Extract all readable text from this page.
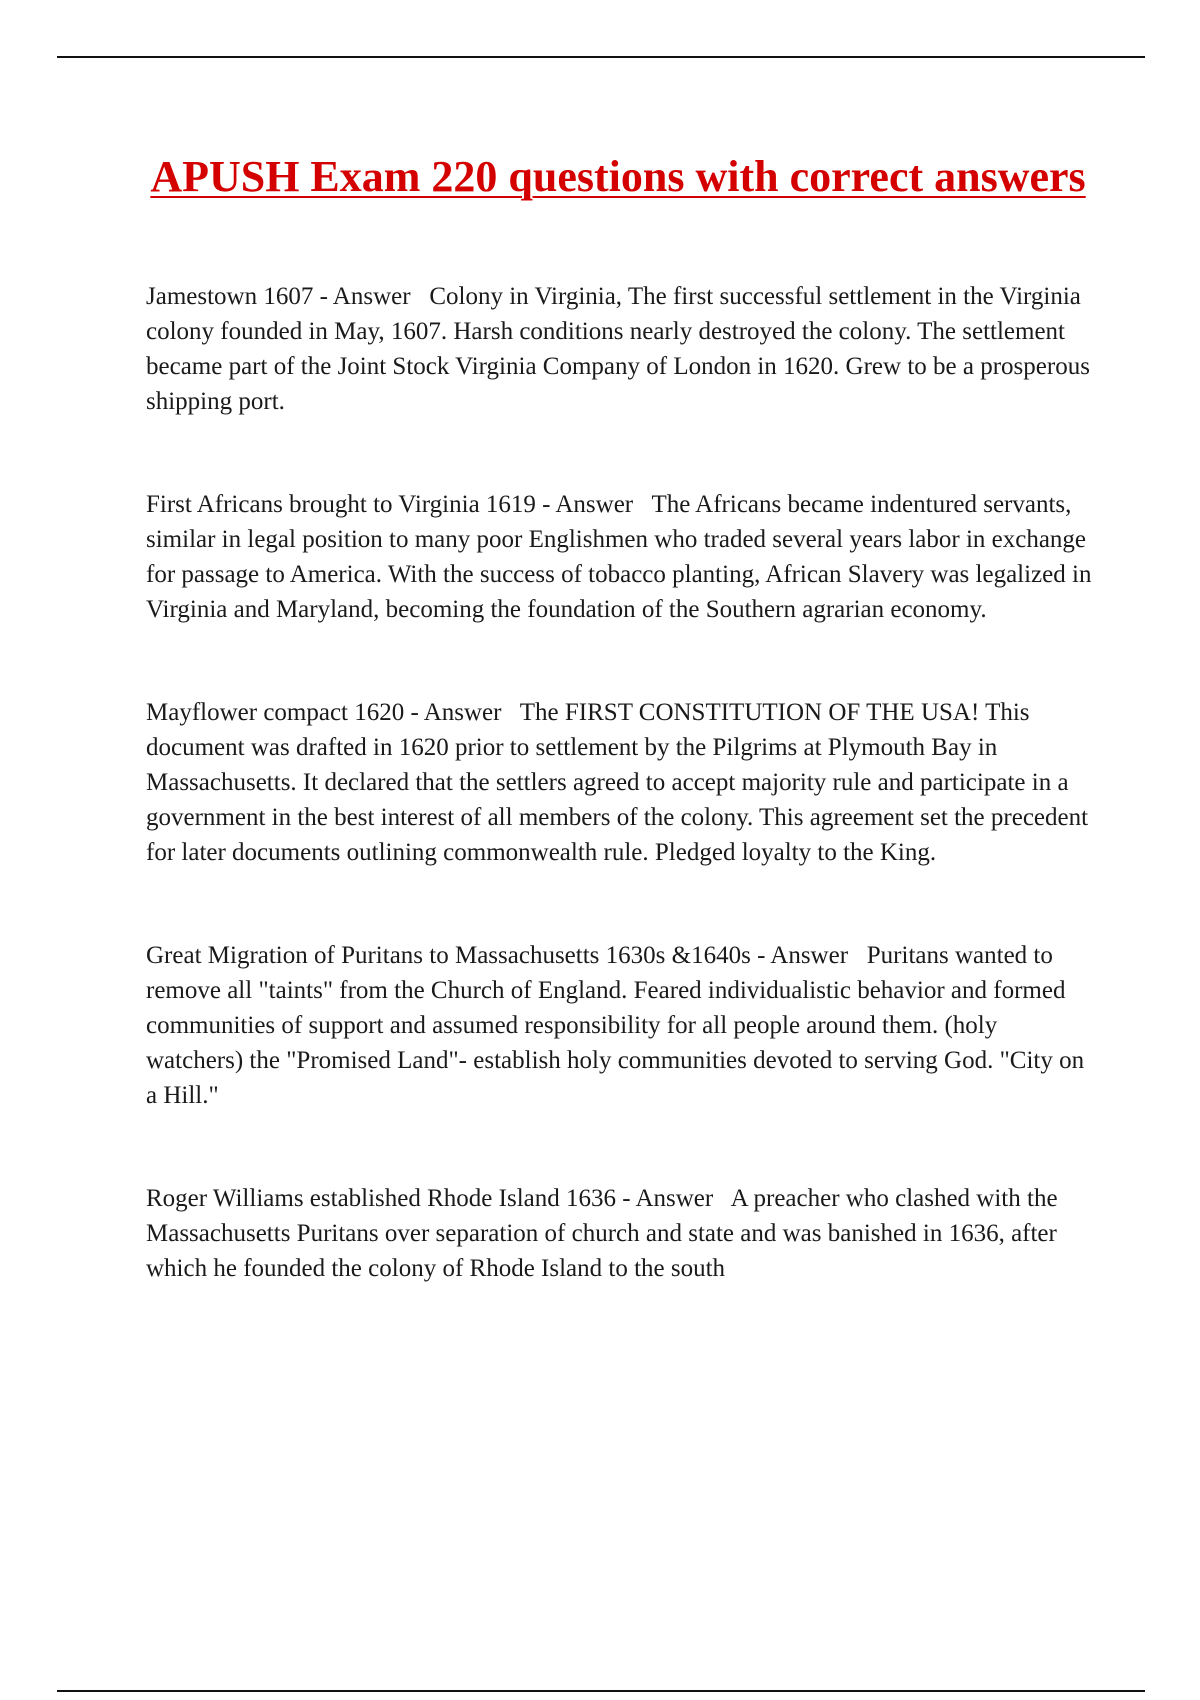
APUSH Exam 220 questions with correct answers

Jamestown 1607 - Answer   Colony in Virginia, The first successful settlement in the Virginia colony founded in May, 1607. Harsh conditions nearly destroyed the colony. The settlement became part of the Joint Stock Virginia Company of London in 1620. Grew to be a prosperous shipping port.

First Africans brought to Virginia 1619 - Answer   The Africans became indentured servants, similar in legal position to many poor Englishmen who traded several years labor in exchange for passage to America. With the success of tobacco planting, African Slavery was legalized in Virginia and Maryland, becoming the foundation of the Southern agrarian economy.

Mayflower compact 1620 - Answer   The FIRST CONSTITUTION OF THE USA! This document was drafted in 1620 prior to settlement by the Pilgrims at Plymouth Bay in Massachusetts. It declared that the settlers agreed to accept majority rule and participate in a government in the best interest of all members of the colony. This agreement set the precedent for later documents outlining commonwealth rule. Pledged loyalty to the King.

Great Migration of Puritans to Massachusetts 1630s &1640s - Answer   Puritans wanted to remove all "taints" from the Church of England. Feared individualistic behavior and formed communities of support and assumed responsibility for all people around them. (holy watchers) the "Promised Land"- establish holy communities devoted to serving God. "City on a Hill."

Roger Williams established Rhode Island 1636 - Answer   A preacher who clashed with the Massachusetts Puritans over separation of church and state and was banished in 1636, after which he founded the colony of Rhode Island to the south
